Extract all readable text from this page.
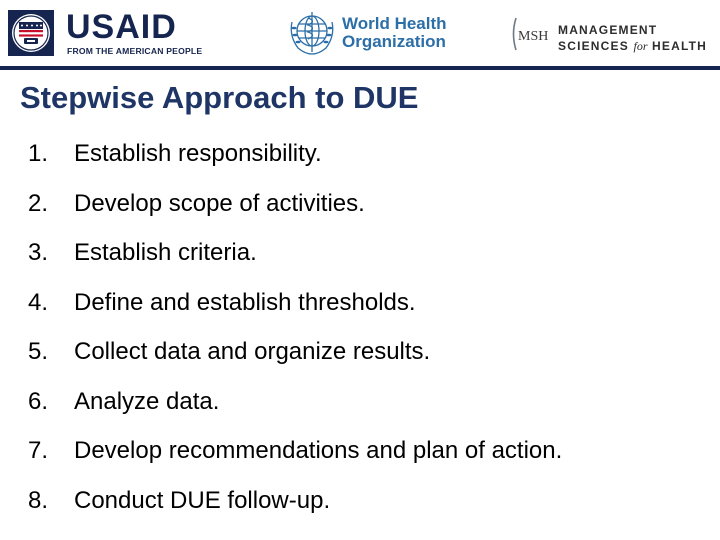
USAID
FROM THE AMERICAN PEOPLE
World Health
Organization	MSH MANAGEMENT
SCIENCES for HEALTH
Stepwise Approach to DUE
1.	Establish responsibility.
2.	Develop scope of activities.
3.	Establish criteria.
4.	Define and establish thresholds.
5.	Collect data and organize results.
6.	Analyze data.
7.	Develop recommendations and plan of action.
8.	Conduct DUE follow-up.
